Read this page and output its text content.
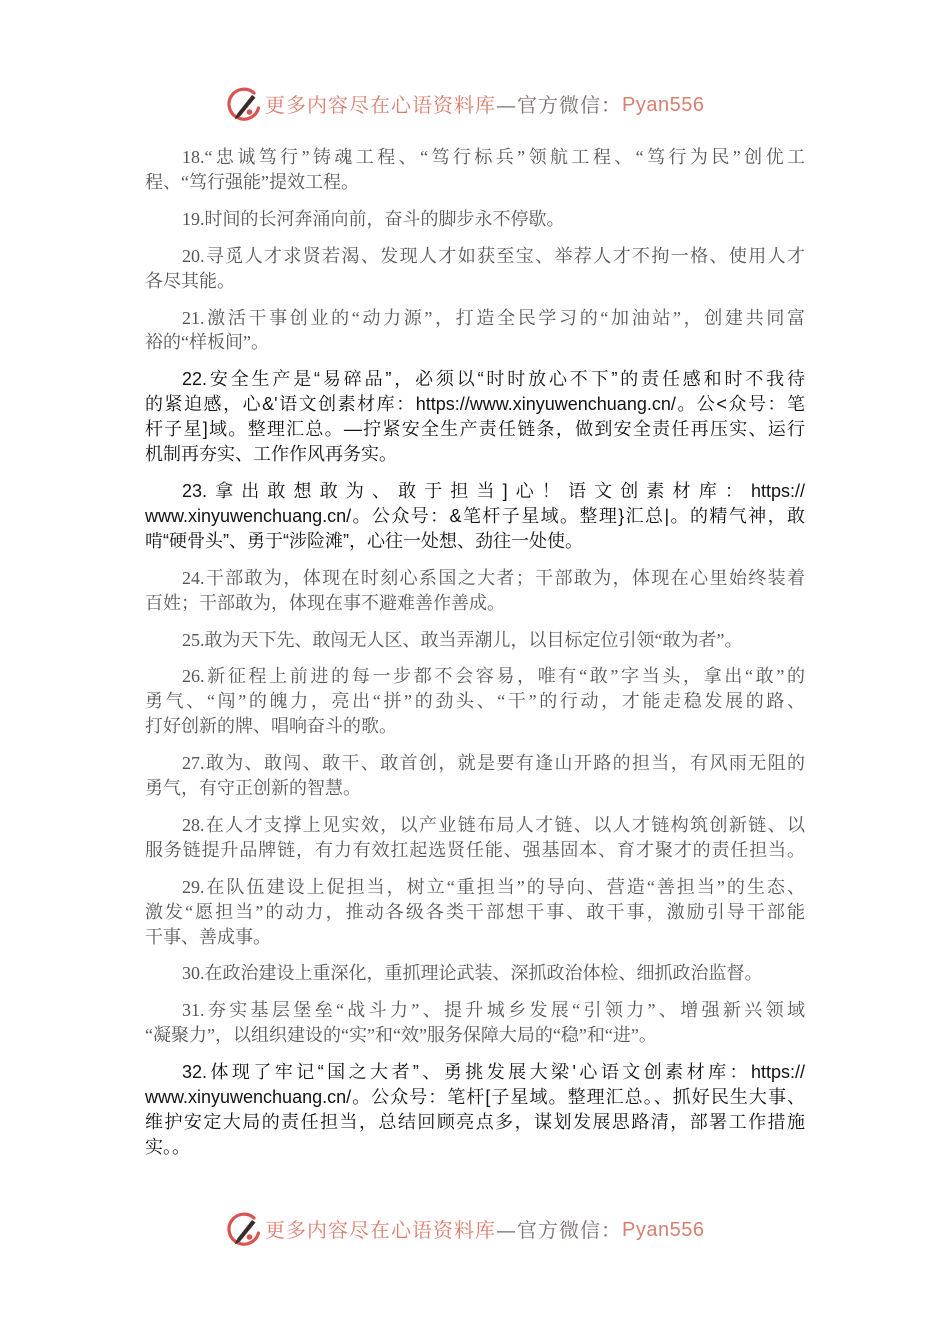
更多内容尽在心语资料库 —官方微信： Pyan556
18.“忠诚笃行”铸魂工程、“笃行标兵”领航工程、“笃行为民”创优工
程、“笃行强能”提效工程。
19.时间的长河奔涌向前，奋斗的脚步永不停歇。
20.寻觅人才求贤若渴、发现人才如获至宝、举荐人才不拘一格、使用人才
各尽其能。
21.激活干事创业的“动力源”，打造全民学习的“加油站”，创建共同富
裕的“样板间”。
22.安全生产是“易碎品”，必须以“时时放心不下”的责任感和时不我待
的紧迫感，心&'语文创素材库：https://www.xinyuwenchuang.cn/。公<众号：笔
杆子星]域。整理汇总。—拧紧安全生产责任链条，做到安全责任再压实、运行
机制再夯实、工作作风再务实。
23.拿出敢想敢为、敢于担当]心！语文创素材库：https://
www.xinyuwenchuang.cn/。公众号：&笔杆子星域。整理}汇总|。的精气神，敢
啃“硬骨头”、勇于“涉险滩”，心往一处想、劲往一处使。
24.干部敢为，体现在时刻心系国之大者；干部敢为，体现在心里始终装着
百姓；干部敢为，体现在事不避难善作善成。
25.敢为天下先、敢闯无人区、敢当弄潮儿，以目标定位引领“敢为者”。
26.新征程上前进的每一步都不会容易，唯有“敢”字当头，拿出“敢”的
勇气、“闯”的魄力，亮出“拼”的劲头、“干”的行动，才能走稳发展的路、
打好创新的牌、唱响奋斗的歌。
27.敢为、敢闯、敢干、敢首创，就是要有逢山开路的担当，有风雨无阻的
勇气，有守正创新的智慧。
28.在人才支撑上见实效，以产业链布局人才链、以人才链构筑创新链、以
服务链提升品牌链，有力有效扛起选贤任能、强基固本、育才聚才的责任担当。
29.在队伍建设上促担当，树立“重担当”的导向、营造“善担当”的生态、
激发“愿担当”的动力，推动各级各类干部想干事、敢干事，激励引导干部能
干事、善成事。
30.在政治建设上重深化，重抓理论武装、深抓政治体检、细抓政治监督。
31.夯实基层堡垒“战斗力”、提升城乡发展“引领力”、增强新兴领域
“凝聚力”，以组织建设的“实”和“效”服务保障大局的“稳”和“进”。
32.体现了牢记“国之大者”、勇挑发展大梁'心语文创素材库：https://
www.xinyuwenchuang.cn/。公众号：笔杆[子星域。整理汇总。、抓好民生大事、
维护安定大局的责任担当，总结回顾亮点多，谋划发展思路清，部署工作措施
实。。
更多内容尽在心语资料库 —官方微信： Pyan556
